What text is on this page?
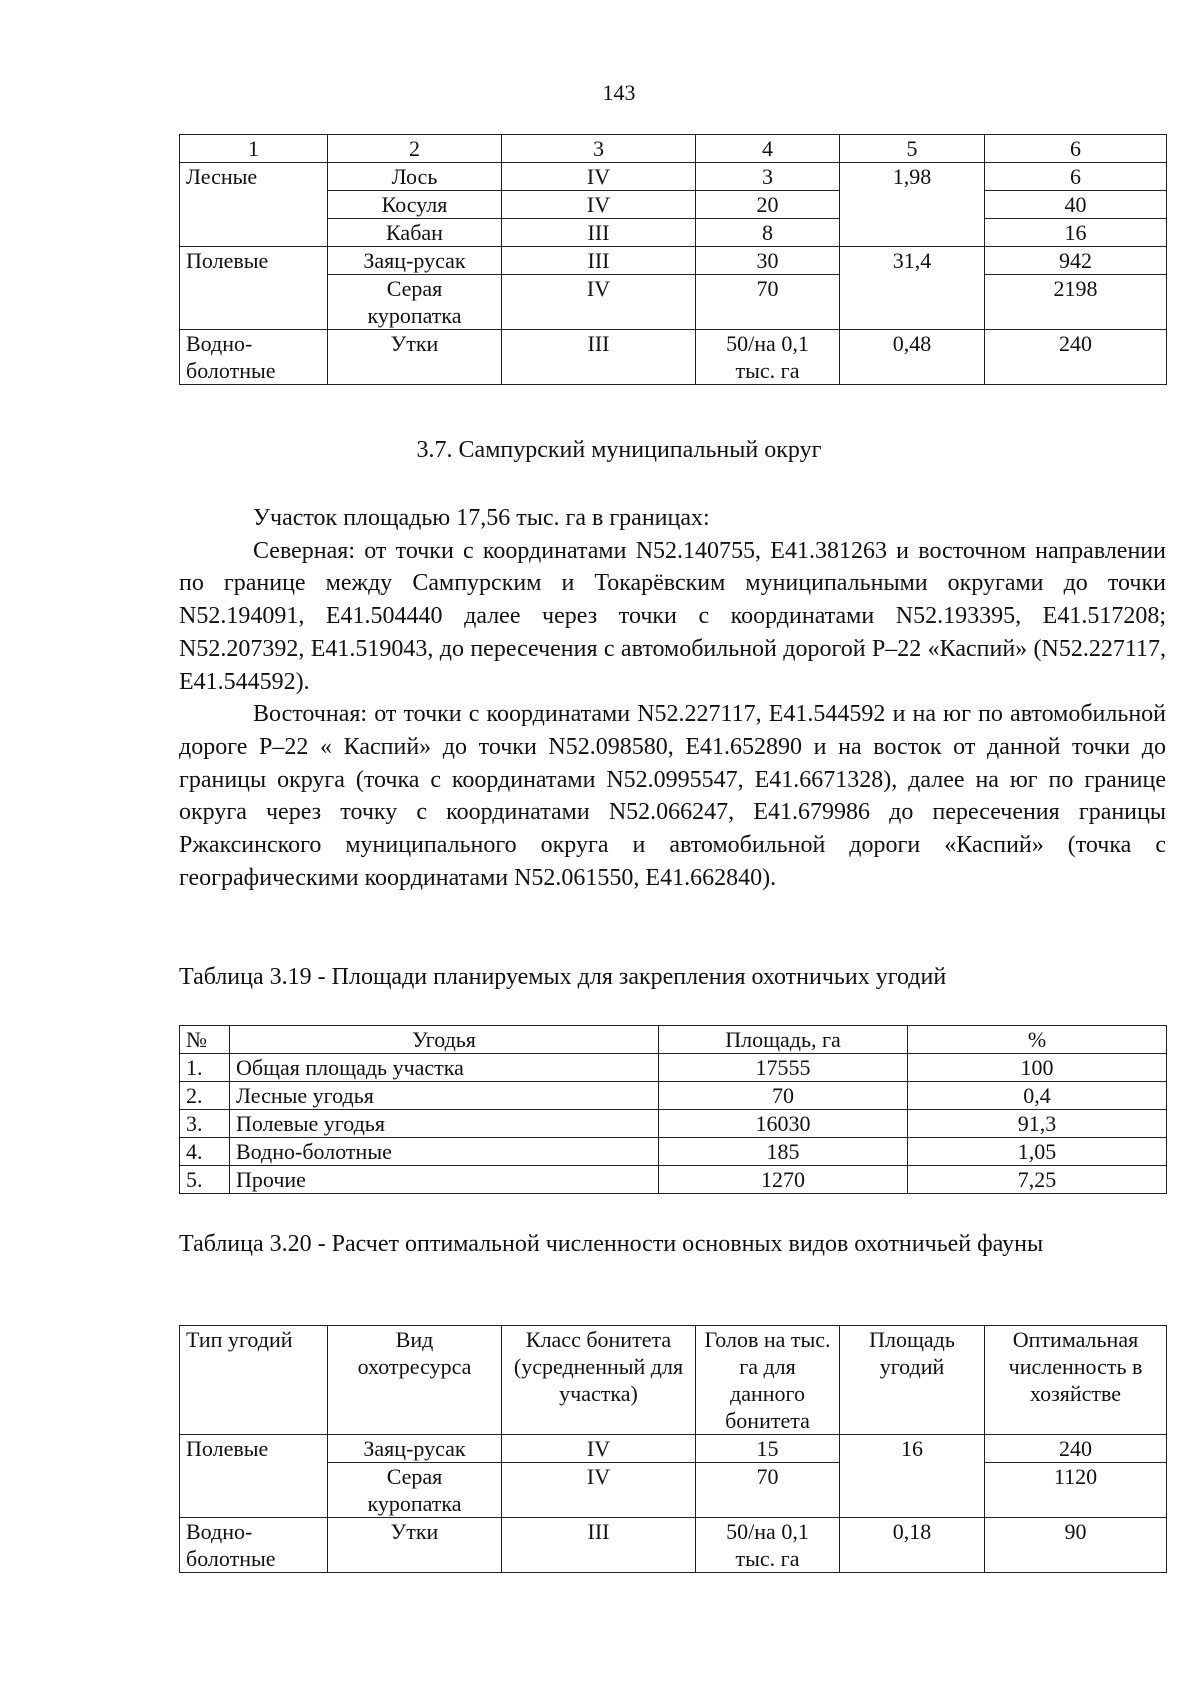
143
1	2	3	4	5	6
Лесные	Лось	IV	3	1,98	6
	Косуля	IV	20		40
	Кабан	III	8		16
Полевые	Заяц-русак	III	30	31,4	942
	Серая куропатка	IV	70		2198
Водно-болотные	Утки	III	50/на 0,1 тыс. га	0,48	240
3.7. Сампурский муниципальный округ

Участок площадью 17,56 тыс. га в границах:

Северная: от точки с координатами N52.140755, E41.381263 и восточном направлении по границе между Сампурским и Токарёвским муниципальными округами до точки N52.194091, E41.504440 далее через точки с координатами N52.193395, E41.517208; N52.207392, E41.519043, до пересечения с автомобильной дорогой Р–22 «Каспий» (N52.227117, E41.544592).

Восточная: от точки с координатами N52.227117, E41.544592 и на юг по автомобильной дороге Р–22 « Каспий» до точки N52.098580, E41.652890 и на восток от данной точки до границы округа (точка с координатами N52.0995547, E41.6671328), далее на юг по границе округа через точку с координатами N52.066247, E41.679986 до пересечения границы Ржаксинского муниципального округа и автомобильной дороги «Каспий» (точка с географическими координатами N52.061550, E41.662840).

Таблица 3.19 - Площади планируемых для закрепления охотничьих угодий
№	Угодья	Площадь, га	%
1.	Общая площадь участка	17555	100
2.	Лесные угодья	70	0,4
3.	Полевые угодья	16030	91,3
4.	Водно-болотные	185	1,05
5.	Прочие	1270	7,25
Таблица 3.20 - Расчет оптимальной численности основных видов охотничьей фауны
Тип угодий	Вид охотресурса	Класс бонитета (усредненный для участка)	Голов на тыс. га для данного бонитета	Площадь угодий	Оптимальная численность в хозяйстве
Полевые	Заяц-русак	IV	15	16	240
	Серая куропатка	IV	70		1120
Водно-болотные	Утки	III	50/на 0,1 тыс. га	0,18	90
